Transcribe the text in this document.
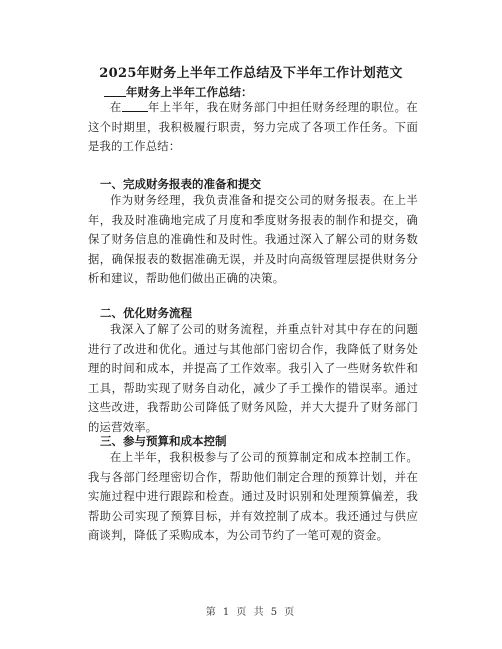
2025年财务上半年工作总结及下半年工作计划范文
年财务上半年工作总结：
在 年上半年，我在财务部门中担任财务经理的职位。在这个时期里，我积极履行职责，努力完成了各项工作任务。下面是我的工作总结：
一、完成财务报表的准备和提交
作为财务经理，我负责准备和提交公司的财务报表。在上半年，我及时准确地完成了月度和季度财务报表的制作和提交，确保了财务信息的准确性和及时性。我通过深入了解公司的财务数据，确保报表的数据准确无误，并及时向高级管理层提供财务分析和建议，帮助他们做出正确的决策。
二、优化财务流程
我深入了解了公司的财务流程，并重点针对其中存在的问题进行了改进和优化。通过与其他部门密切合作，我降低了财务处理的时间和成本，并提高了工作效率。我引入了一些财务软件和工具，帮助实现了财务自动化，减少了手工操作的错误率。通过这些改进，我帮助公司降低了财务风险，并大大提升了财务部门的运营效率。
三、参与预算和成本控制
在上半年，我积极参与了公司的预算制定和成本控制工作。我与各部门经理密切合作，帮助他们制定合理的预算计划，并在实施过程中进行跟踪和检查。通过及时识别和处理预算偏差，我帮助公司实现了预算目标，并有效控制了成本。我还通过与供应商谈判，降低了采购成本，为公司节约了一笔可观的资金。
第 1 页 共 5 页
